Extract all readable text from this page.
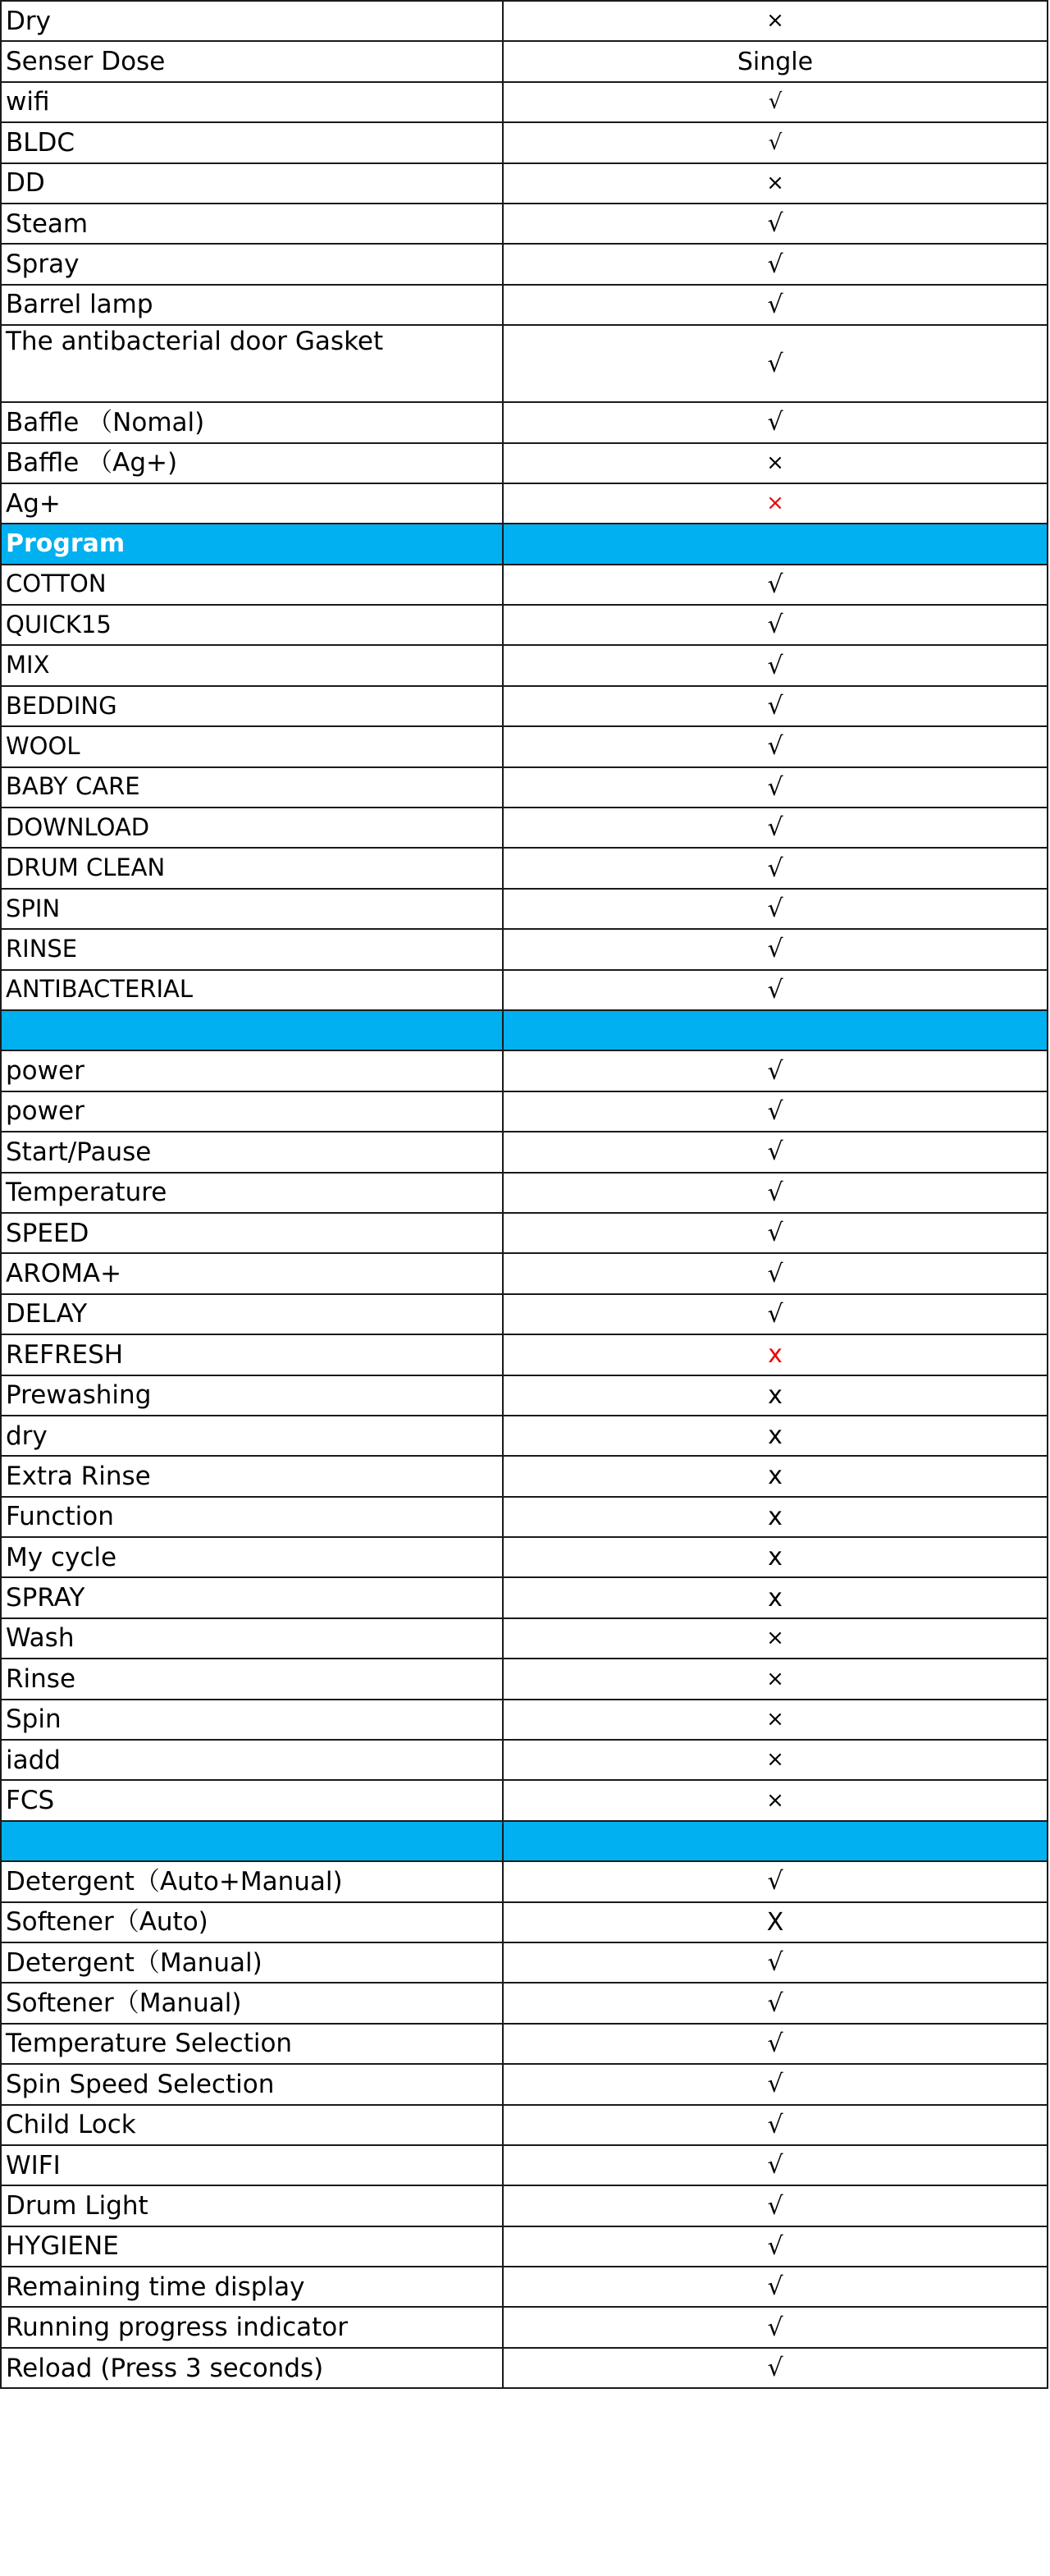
Dry	×
Senser Dose	Single
wifi	√
BLDC	√
DD	×
Steam	√
Spray	√
Barrel lamp	√
The antibacterial door Gasket	√
Baffle （Nomal)	√
Baffle （Ag+)	×
Ag+	×
Program	
COTTON	√
QUICK15	√
MIX	√
BEDDING	√
WOOL	√
BABY CARE	√
DOWNLOAD	√
DRUM CLEAN	√
SPIN	√
RINSE	√
ANTIBACTERIAL	√

power	√
power	√
Start/Pause	√
Temperature	√
SPEED	√
AROMA+	√
DELAY	√
REFRESH	x
Prewashing	x
dry	x
Extra Rinse	x
Function	x
My cycle	x
SPRAY	x
Wash	×
Rinse	×
Spin	×
iadd	×
FCS	×

Detergent（Auto+Manual)	√
Softener（Auto)	X
Detergent（Manual)	√
Softener（Manual)	√
Temperature Selection	√
Spin Speed Selection	√
Child Lock	√
WIFI	√
Drum Light	√
HYGIENE	√
Remaining time display	√
Running progress indicator	√
Reload (Press 3 seconds)	√
